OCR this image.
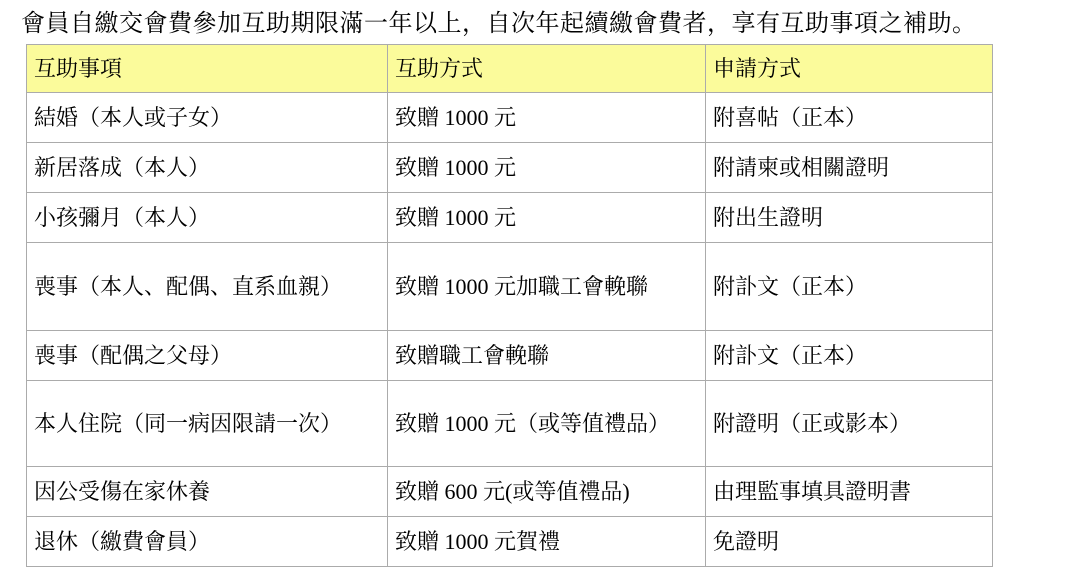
會員自繳交會費參加互助期限滿一年以上，自次年起續繳會費者，享有互助事項之補助。

互助事項	互助方式	申請方式
結婚（本人或子女）	致贈 1000 元	附喜帖（正本）
新居落成（本人）	致贈 1000 元	附請柬或相關證明
小孩彌月（本人）	致贈 1000 元	附出生證明
喪事（本人、配偶、直系血親）	致贈 1000 元加職工會輓聯	附訃文（正本）
喪事（配偶之父母）	致贈職工會輓聯	附訃文（正本）
本人住院（同一病因限請一次）	致贈 1000 元（或等值禮品）	附證明（正或影本）
因公受傷在家休養	致贈 600 元(或等值禮品)	由理監事填具證明書
退休（繳費會員）	致贈 1000 元賀禮	免證明
